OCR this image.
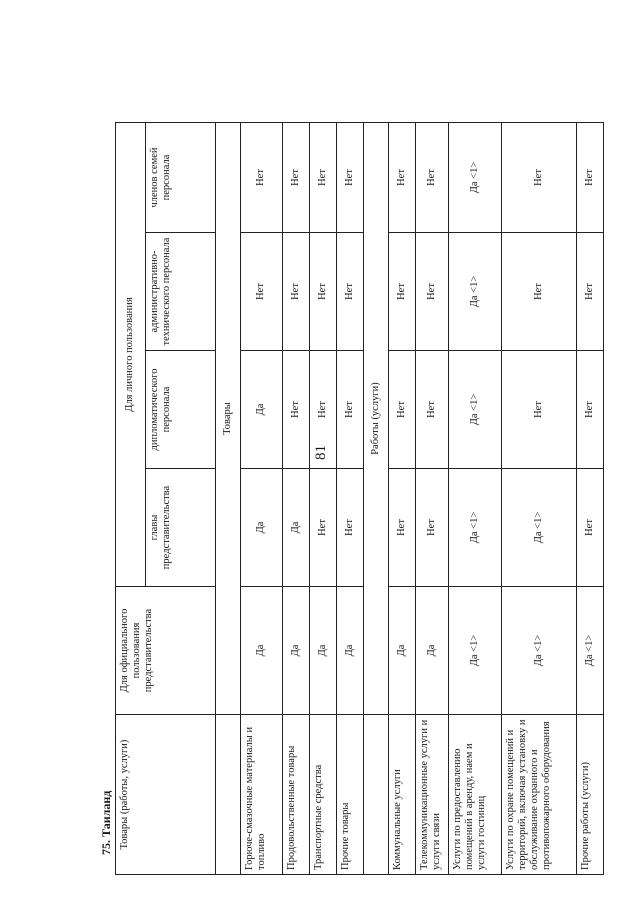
81
75. Таиланд Товары (работы, услуги)	Для официального пользования представительства	Для личного пользования			
		главы представительства	дипломатического персонала	административно-технического персонала	членов семей персонала
	Товары				
Горюче-смазочные материалы и топливо	Да	Да	Да	Нет	Нет
Продовольственные товары	Да	Да	Нет	Нет	Нет
Транспортные средства	Да	Нет	Нет	Нет	Нет
Прочие товары	Да	Нет	Нет	Нет	Нет
	Работы (услуги)				
Коммунальные услуги	Да	Нет	Нет	Нет	Нет
Телекоммуникационные услуги и услуги связи	Да	Нет	Нет	Нет	Нет
Услуги по предоставлению помещений в аренду, наем и услуги гостиниц	Да <1>	Да <1>	Да <1>	Да <1>	Да <1>
Услуги по охране помещений и территорий, включая установку и обслуживание охранного и противопожарного оборудования	Да <1>	Да <1>	Нет	Нет	Нет
Прочие работы (услуги)	Да <1>	Нет	Нет	Нет	Нет
